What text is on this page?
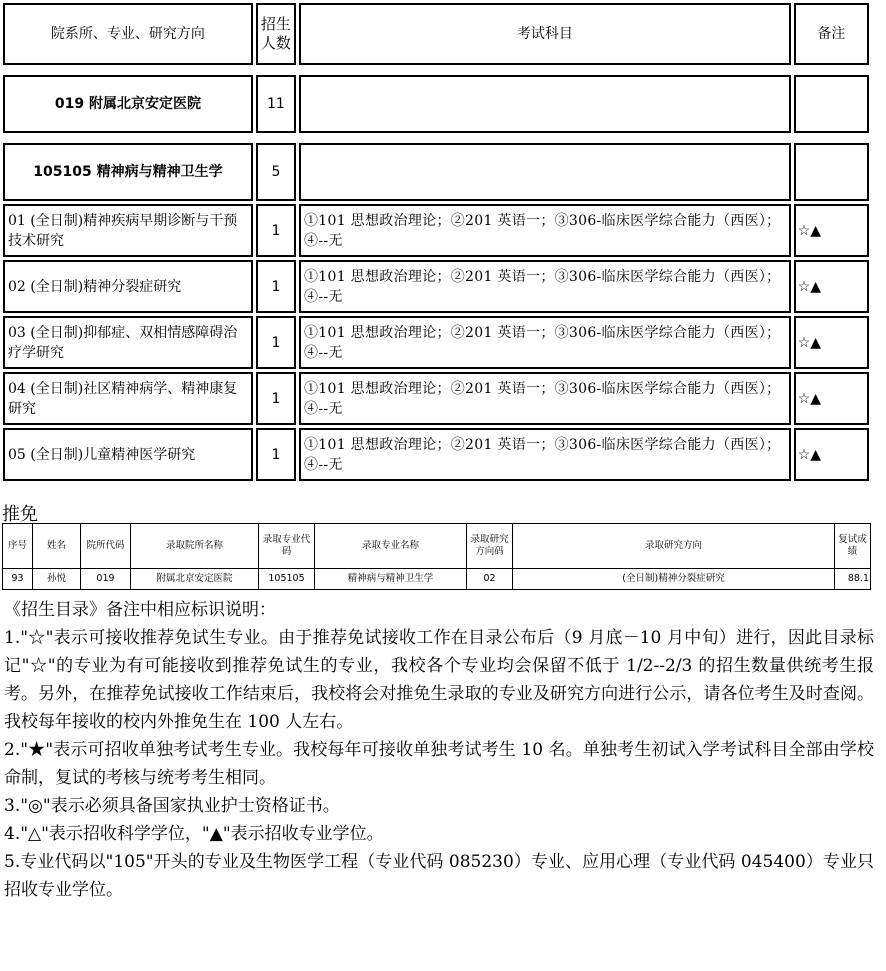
院系所、专业、研究方向	招生人数	考试科目	备注

019 附属北京安定医院	11		

105105 精神病与精神卫生学	5		
01 (全日制)精神疾病早期诊断与干预技术研究	1	①101 思想政治理论；②201 英语一；③306-临床医学综合能力（西医）；④--无	☆▲
02 (全日制)精神分裂症研究	1	①101 思想政治理论；②201 英语一；③306-临床医学综合能力（西医）；④--无	☆▲
03 (全日制)抑郁症、双相情感障碍治疗学研究	1	①101 思想政治理论；②201 英语一；③306-临床医学综合能力（西医）；④--无	☆▲
04 (全日制)社区精神病学、精神康复研究	1	①101 思想政治理论；②201 英语一；③306-临床医学综合能力（西医）；④--无	☆▲
05 (全日制)儿童精神医学研究	1	①101 思想政治理论；②201 英语一；③306-临床医学综合能力（西医）；④--无	☆▲
推免
序号	姓名	院所代码	录取院所名称	录取专业代码	录取专业名称	录取研究方向码	录取研究方向	复试成绩
93	孙悦	019	附属北京安定医院	105105	精神病与精神卫生学	02	(全日制)精神分裂症研究	88.1

《招生目录》备注中相应标识说明：

1."☆"表示可接收推荐免试生专业。由于推荐免试接收工作在目录公布后（9 月底－10 月中旬）进行，因此目录标记"☆"的专业为有可能接收到推荐免试生的专业，我校各个专业均会保留不低于 1/2--2/3 的招生数量供统考生报考。另外，在推荐免试接收工作结束后，我校将会对推免生录取的专业及研究方向进行公示，请各位考生及时查阅。我校每年接收的校内外推免生在 100 人左右。

2."★"表示可招收单独考试考生专业。我校每年可接收单独考试考生 10 名。单独考生初试入学考试科目全部由学校命制，复试的考核与统考考生相同。

3."◎"表示必须具备国家执业护士资格证书。

4."△"表示招收科学学位，"▲"表示招收专业学位。

5.专业代码以"105"开头的专业及生物医学工程（专业代码 085230）专业、应用心理（专业代码 045400）专业只招收专业学位。
